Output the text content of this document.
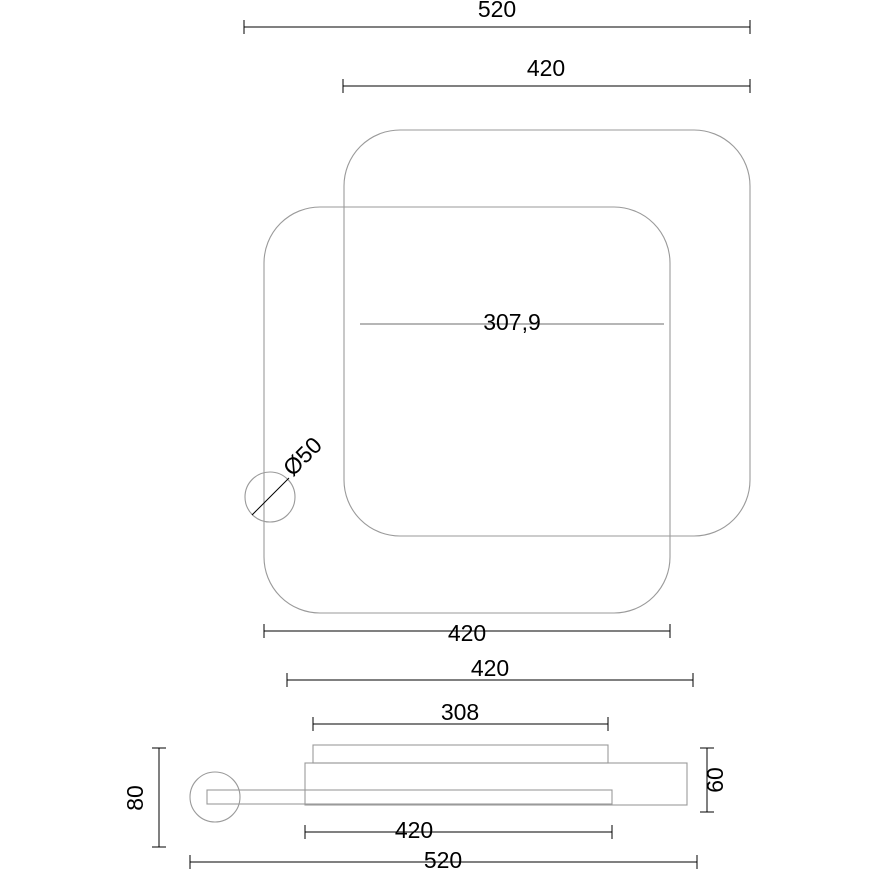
520
420
307,9
Ø50
420
420
308
80
60
420
520
